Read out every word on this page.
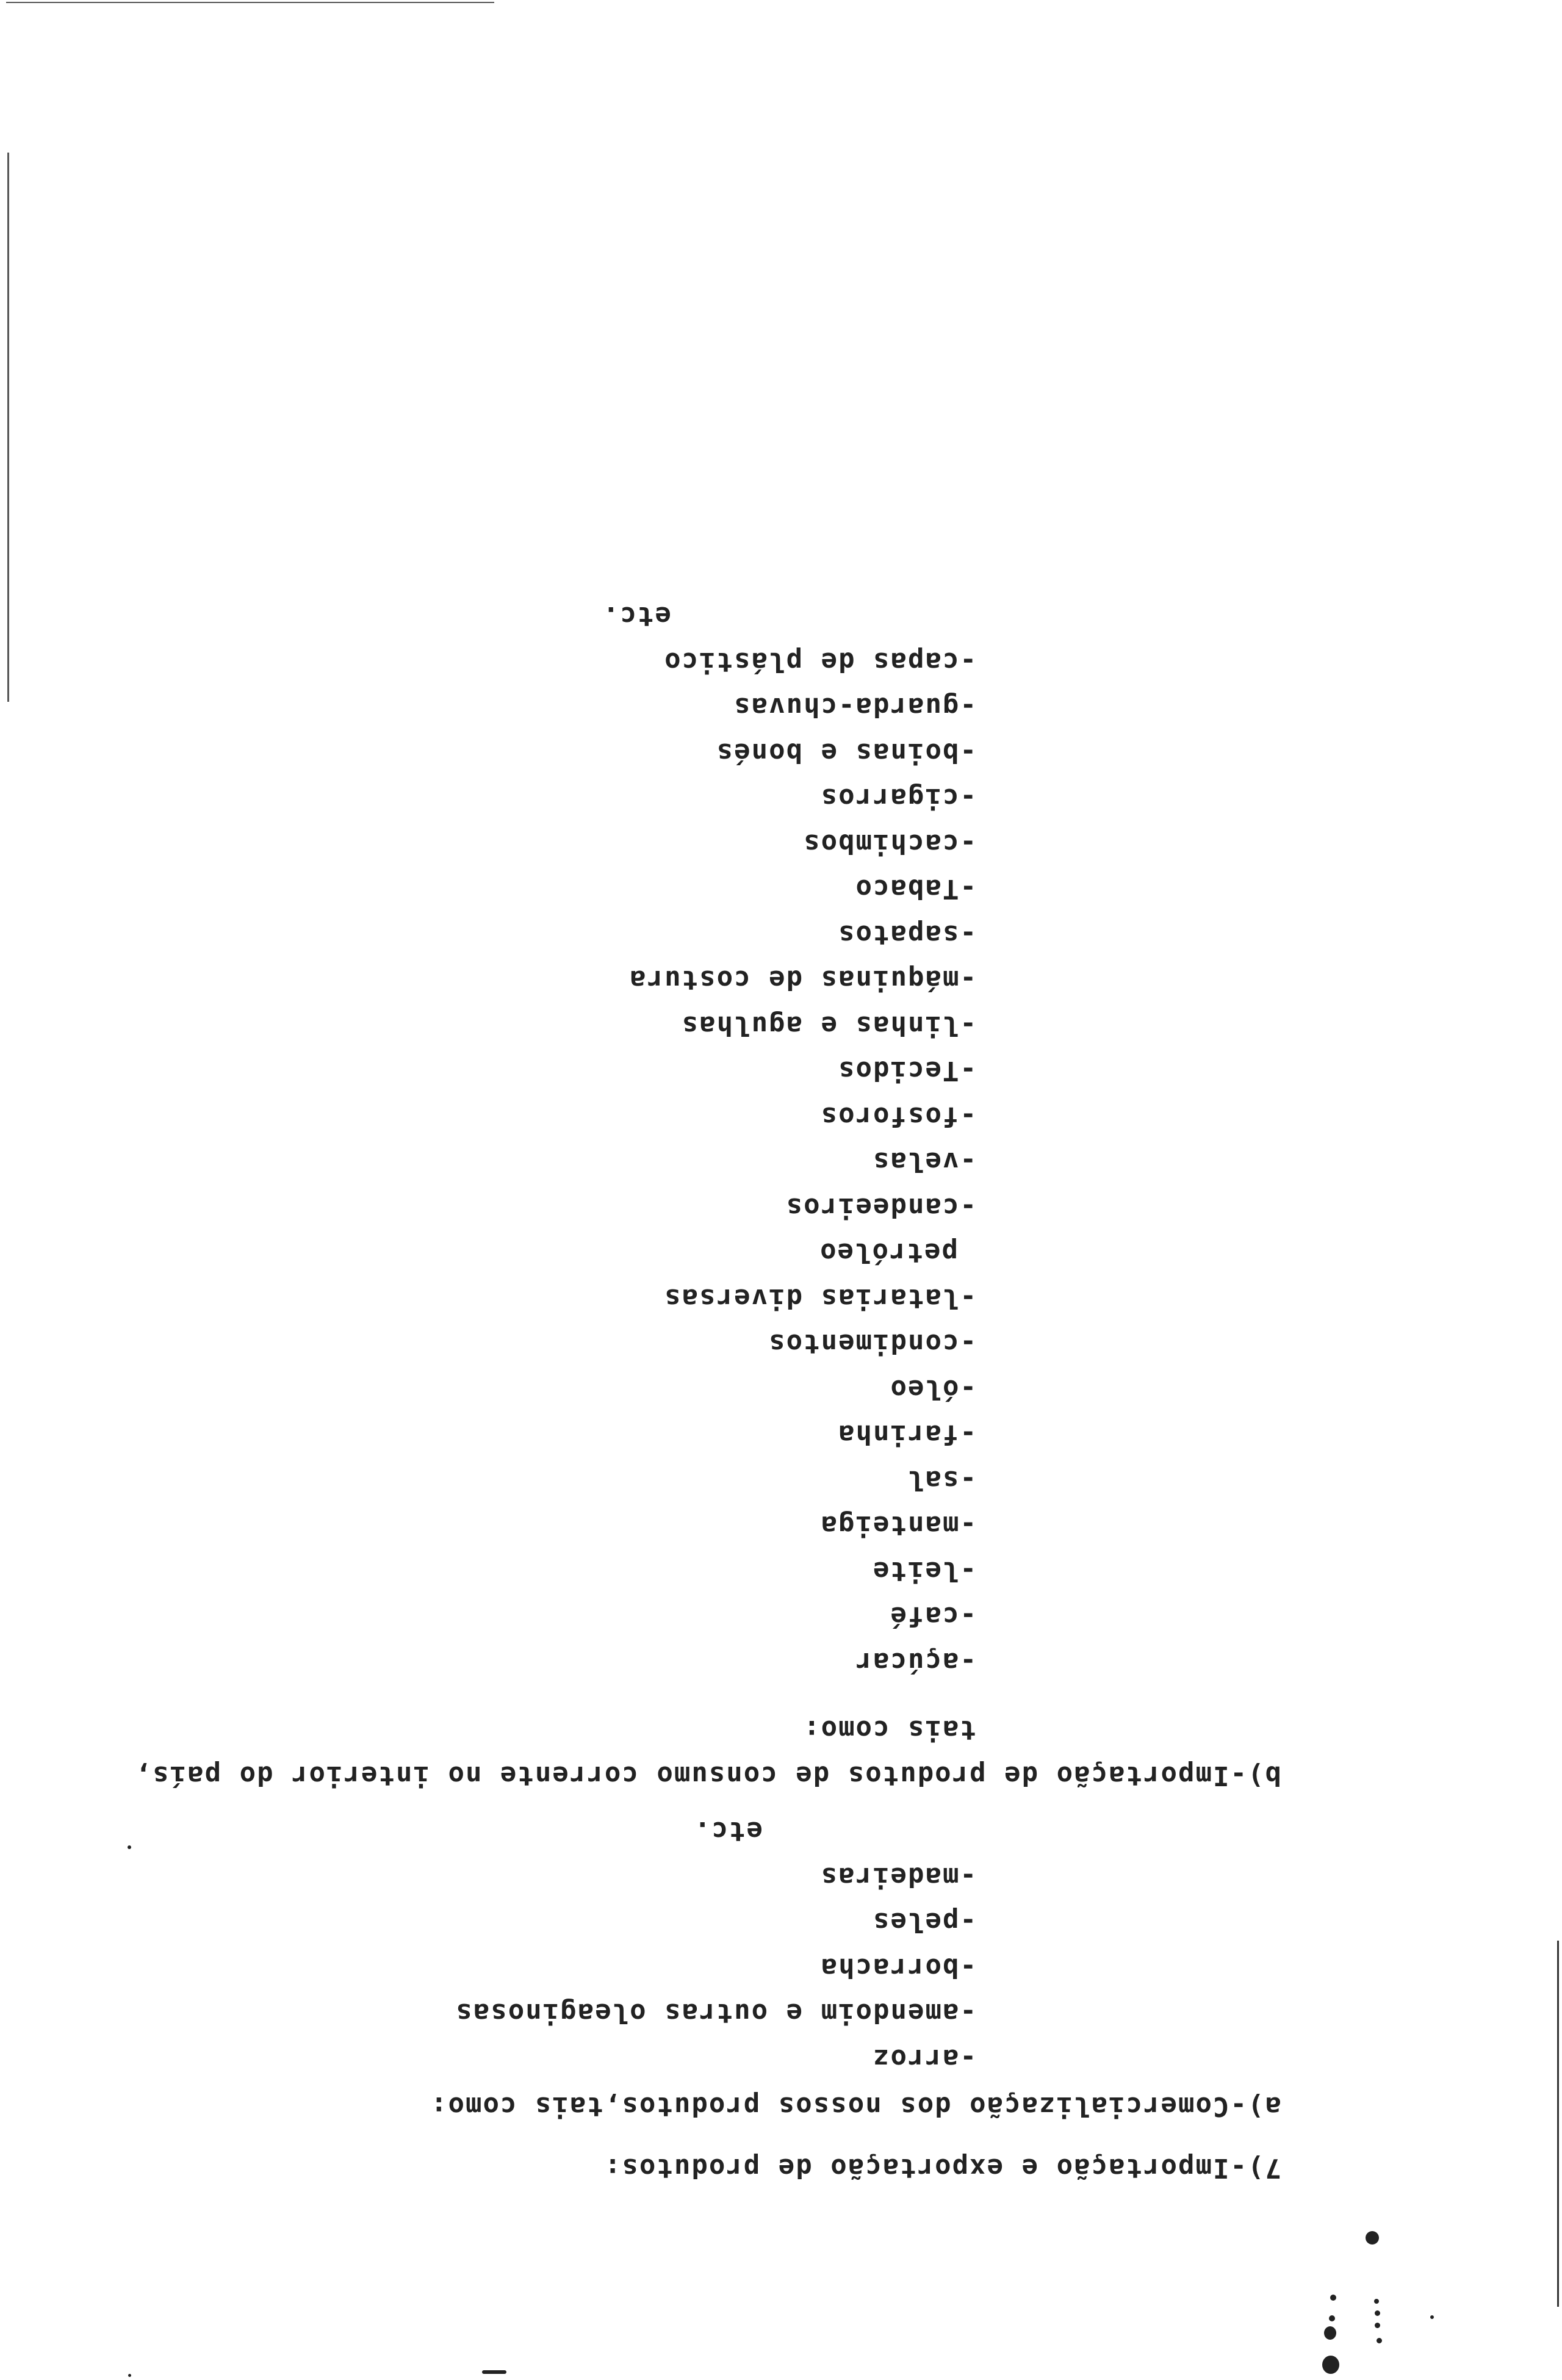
7)-Importação e exportação de produtos:
a)-Comercialização dos nossos produtos,tais como:
-arroz
-amendoim e outras oleaginosas
-borracha
-peles
-madeiras
etc.
b)-Importação de produtos de consumo corrente no interior do país,
tais como:
-açúcar
-café
-leite
-manteiga
-sal
-farinha
-óleo
-condimentos
-latarias diversas
petróleo
-candeeiros
-velas
-fosforos
-Tecidos
-linhas e agulhas
-máquinas de costura
-sapatos
-Tabaco
-cachimbos
-cigarros
-boinas e bonés
-guarda-chuvas
-capas de plástico
etc.
